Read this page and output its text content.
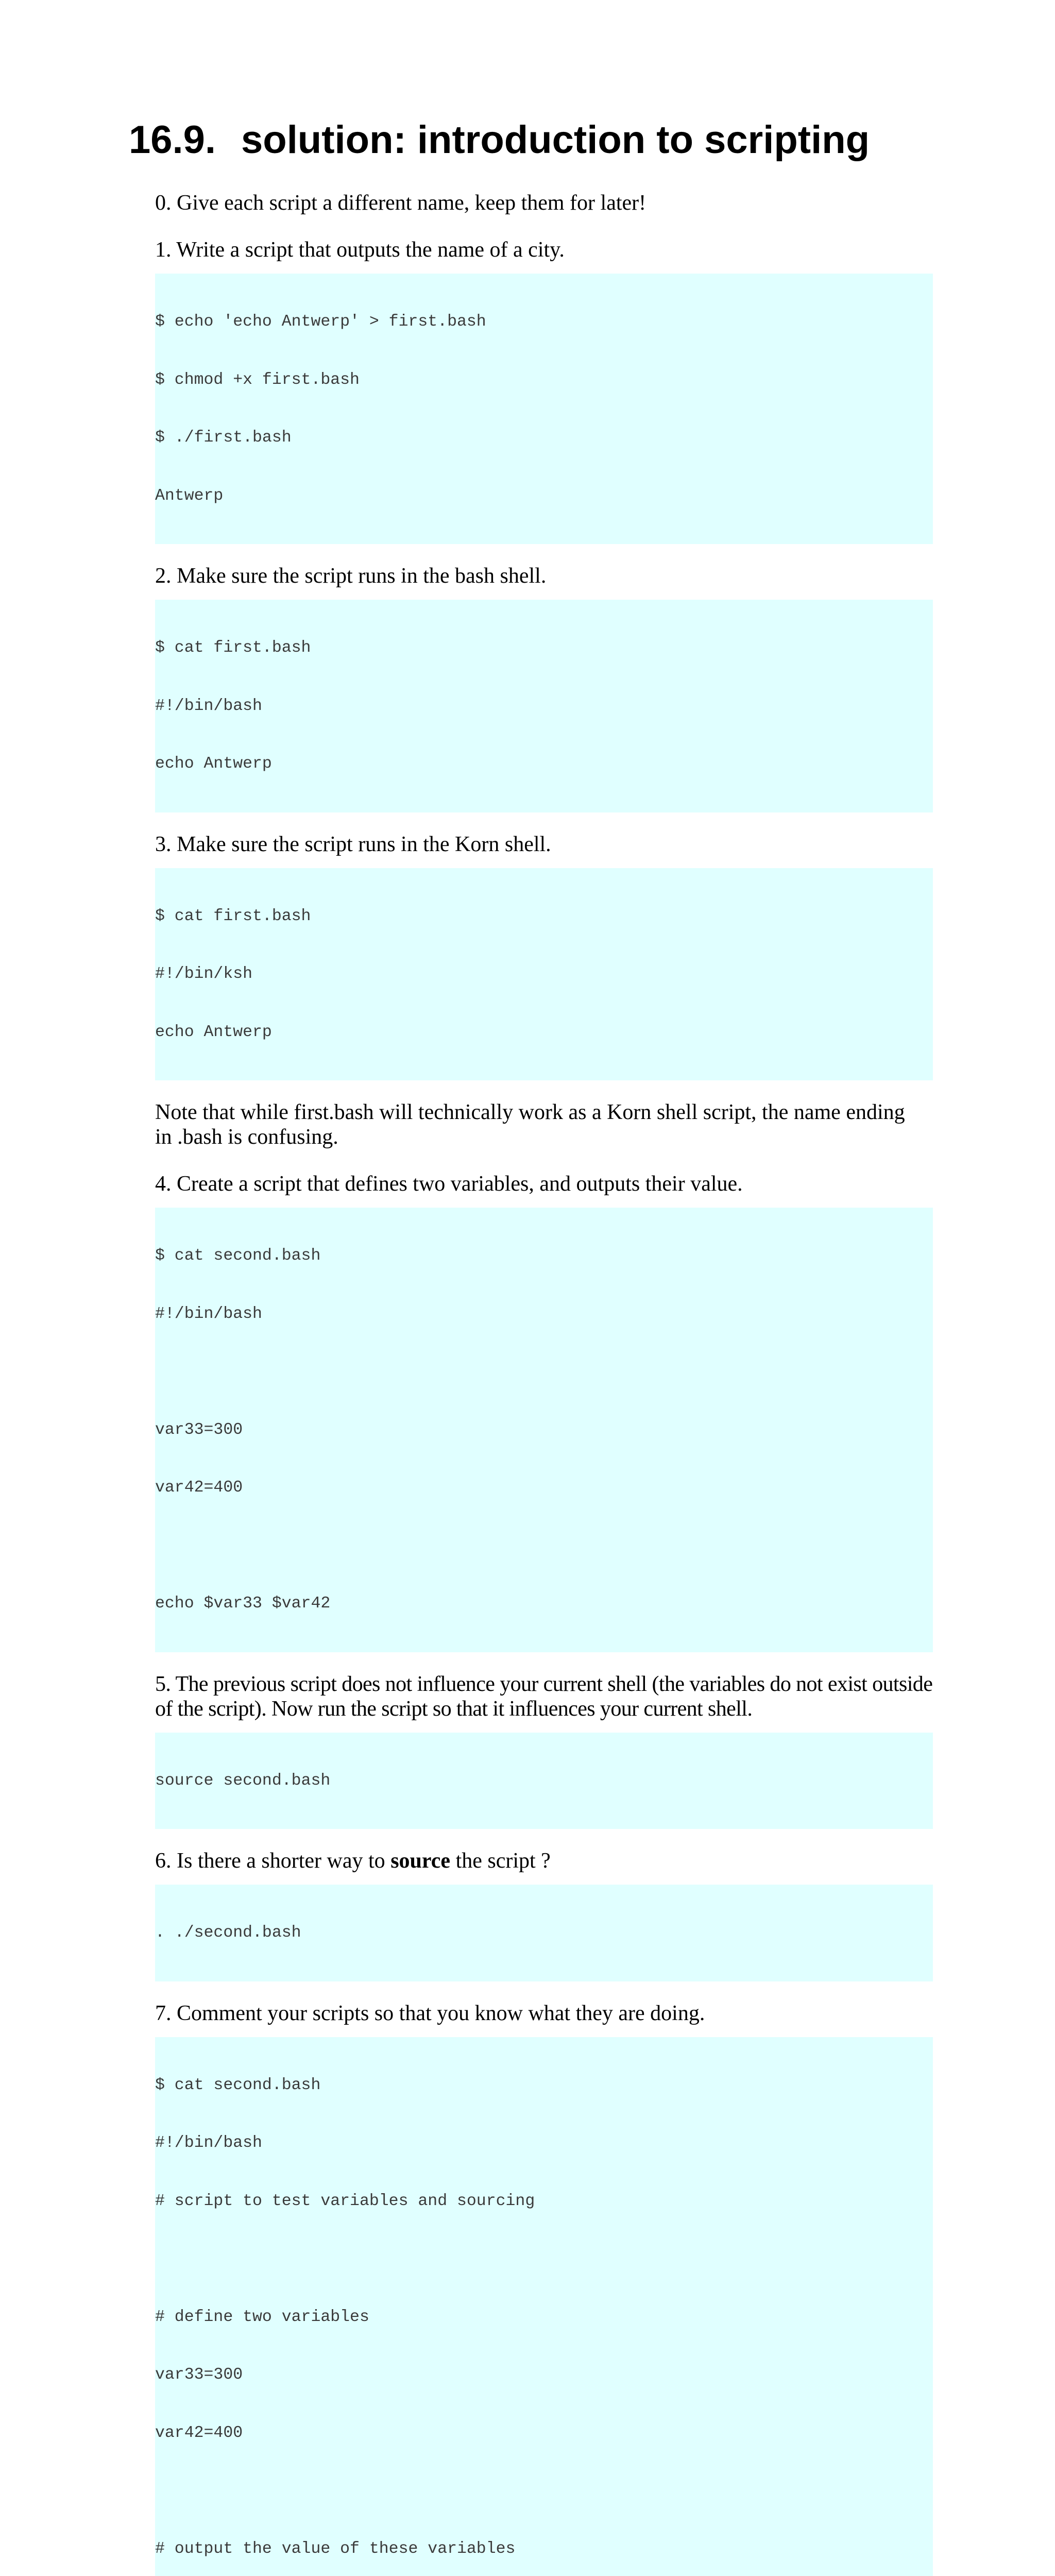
16.9. solution: introduction to scripting

0. Give each script a different name, keep them for later!

1. Write a script that outputs the name of a city.

$ echo 'echo Antwerp' > first.bash

$ chmod +x first.bash

$ ./first.bash

Antwerp

2. Make sure the script runs in the bash shell.

$ cat first.bash

#!/bin/bash

echo Antwerp

3. Make sure the script runs in the Korn shell.

$ cat first.bash

#!/bin/ksh

echo Antwerp

Note that while first.bash will technically work as a Korn shell script, the name ending in .bash is confusing.

4. Create a script that defines two variables, and outputs their value.

$ cat second.bash

#!/bin/bash

var33=300

var42=400

echo $var33 $var42

5. The previous script does not influence your current shell (the variables do not exist outside of the script). Now run the script so that it influences your current shell.

source second.bash

6. Is there a shorter way to source the script ?

. ./second.bash

7. Comment your scripts so that you know what they are doing.

$ cat second.bash

#!/bin/bash

# script to test variables and sourcing

# define two variables

var33=300

var42=400

# output the value of these variables
